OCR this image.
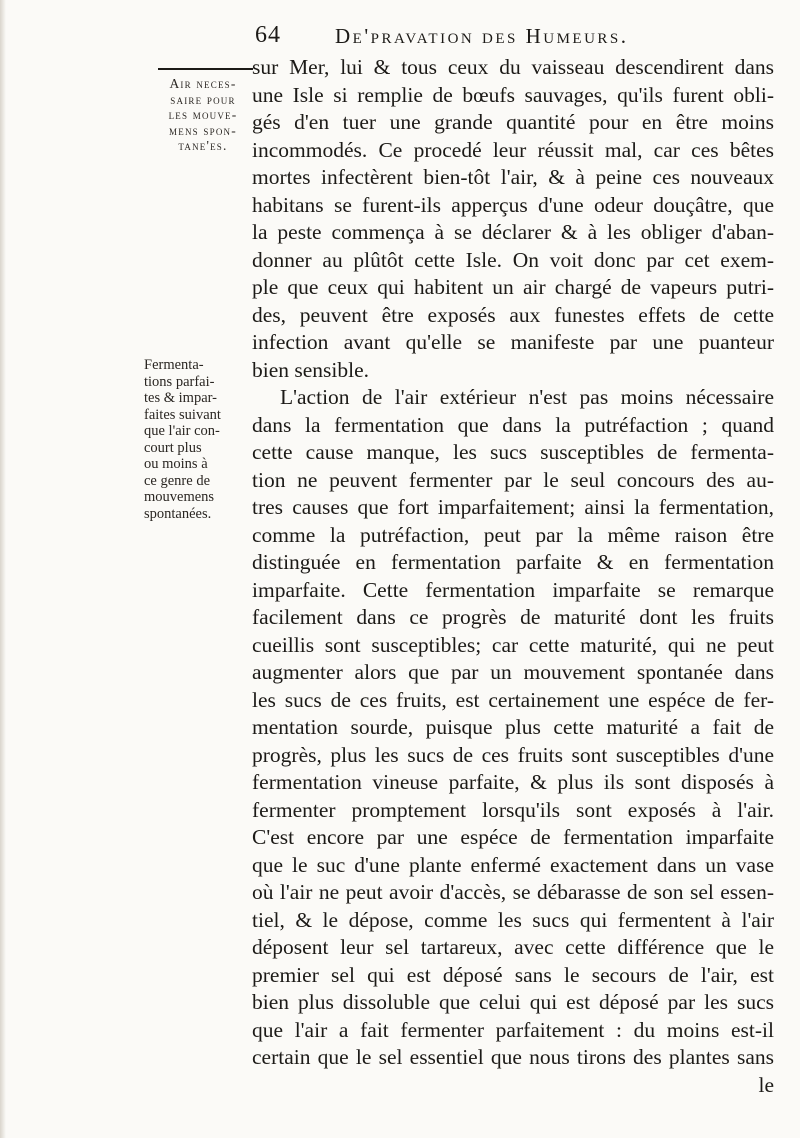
64	De'pravation des Humeurs.
Air neces-
saire pour
les mouve-
mens spon-
tane'es.
Fermenta-
tions parfai-
tes & impar-
faites suivant
que l'air con-
court plus
ou moins à
ce genre de
mouvemens
spontanées.
sur Mer, lui & tous ceux du vaisseau descendirent dans
une Isle si remplie de bœufs sauvages, qu'ils furent obli-
gés d'en tuer une grande quantité pour en être moins
incommodés. Ce procedé leur réussit mal, car ces bêtes
mortes infectèrent bien-tôt l'air, & à peine ces nouveaux
habitans se furent-ils apperçus d'une odeur douçâtre, que
la peste commença à se déclarer & à les obliger d'aban-
donner au plûtôt cette Isle. On voit donc par cet exem-
ple que ceux qui habitent un air chargé de vapeurs putri-
des, peuvent être exposés aux funestes effets de cette
infection avant qu'elle se manifeste par une puanteur
bien sensible.
L'action de l'air extérieur n'est pas moins nécessaire
dans la fermentation que dans la putréfaction ; quand
cette cause manque, les sucs susceptibles de fermenta-
tion ne peuvent fermenter par le seul concours des au-
tres causes que fort imparfaitement; ainsi la fermentation,
comme la putréfaction, peut par la même raison être
distinguée en fermentation parfaite & en fermentation
imparfaite. Cette fermentation imparfaite se remarque
facilement dans ce progrès de maturité dont les fruits
cueillis sont susceptibles; car cette maturité, qui ne peut
augmenter alors que par un mouvement spontanée dans
les sucs de ces fruits, est certainement une espéce de fer-
mentation sourde, puisque plus cette maturité a fait de
progrès, plus les sucs de ces fruits sont susceptibles d'une
fermentation vineuse parfaite, & plus ils sont disposés à
fermenter promptement lorsqu'ils sont exposés à l'air.
C'est encore par une espéce de fermentation imparfaite
que le suc d'une plante enfermé exactement dans un vase
où l'air ne peut avoir d'accès, se débarasse de son sel essen-
tiel, & le dépose, comme les sucs qui fermentent à l'air
déposent leur sel tartareux, avec cette différence que le
premier sel qui est déposé sans le secours de l'air, est
bien plus dissoluble que celui qui est déposé par les sucs
que l'air a fait fermenter parfaitement : du moins est-il
certain que le sel essentiel que nous tirons des plantes sans
le
